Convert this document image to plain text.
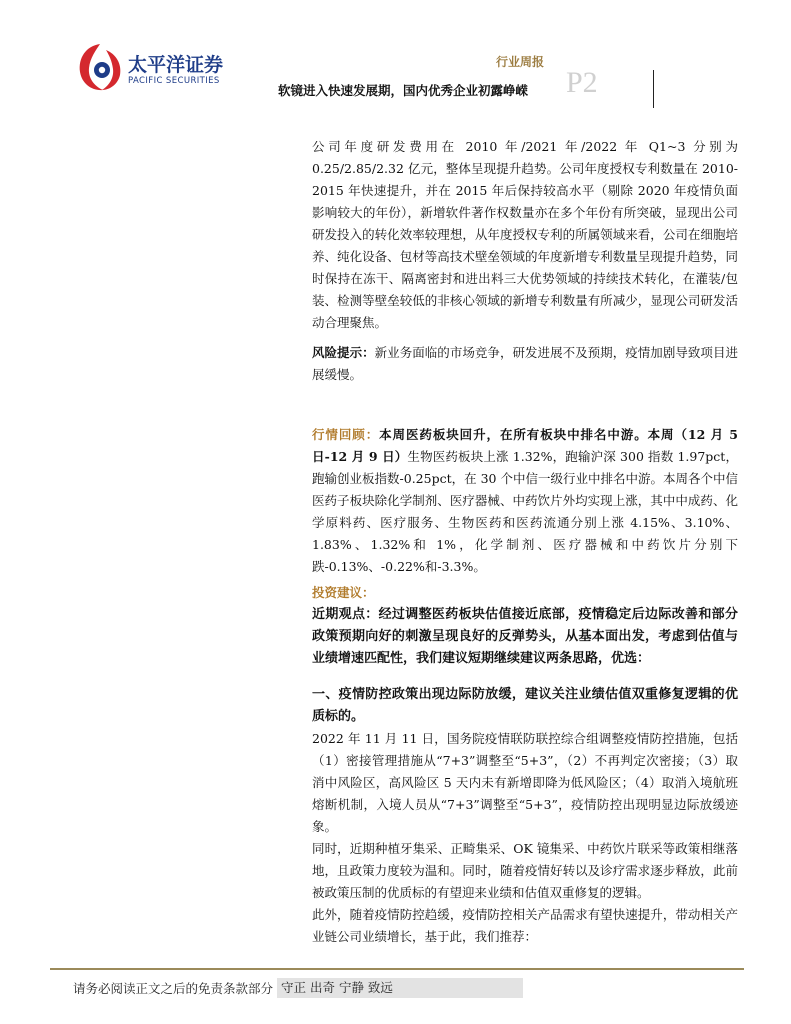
太平洋证券
PACIFIC SECURITIES
行业周报
软镜进入快速发展期，国内优秀企业初露峥嵘 P2

公司年度研发费用在 2010 年/2021 年/2022 年 Q1~3 分别为 0.25/2.85/2.32 亿元，整体呈现提升趋势。公司年度授权专利数量在 2010-2015 年快速提升，并在 2015 年后保持较高水平（剔除 2020 年疫情负面影响较大的年份），新增软件著作权数量亦在多个年份有所突破，显现出公司研发投入的转化效率较理想，从年度授权专利的所属领域来看，公司在细胞培养、纯化设备、包材等高技术壁垒领域的年度新增专利数量呈现提升趋势，同时保持在冻干、隔离密封和进出料三大优势领域的持续技术转化，在灌装/包装、检测等壁垒较低的非核心领域的新增专利数量有所减少，显现公司研发活动合理聚焦。

风险提示：新业务面临的市场竞争，研发进展不及预期，疫情加剧导致项目进展缓慢。

行情回顾：本周医药板块回升，在所有板块中排名中游。本周（12 月 5 日-12 月 9 日）生物医药板块上涨 1.32%，跑输沪深 300 指数 1.97pct，跑输创业板指数-0.25pct，在 30 个中信一级行业中排名中游。本周各个中信医药子板块除化学制剂、医疗器械、中药饮片外均实现上涨，其中中成药、化学原料药、医疗服务、生物医药和医药流通分别上涨 4.15%、3.10%、1.83%、1.32%和 1%，化学制剂、医疗器械和中药饮片分别下跌-0.13%、-0.22%和-3.3%。

投资建议：

近期观点：经过调整医药板块估值接近底部，疫情稳定后边际改善和部分政策预期向好的刺激呈现良好的反弹势头，从基本面出发，考虑到估值与业绩增速匹配性，我们建议短期继续建议两条思路，优选：

一、疫情防控政策出现边际防放缓，建议关注业绩估值双重修复逻辑的优质标的。

2022 年 11 月 11 日，国务院疫情联防联控综合组调整疫情防控措施，包括（1）密接管理措施从“7+3”调整至“5+3”，（2）不再判定次密接；（3）取消中风险区，高风险区 5 天内未有新增即降为低风险区；（4）取消入境航班熔断机制，入境人员从“7+3”调整至“5+3”，疫情防控出现明显边际放缓迹象。

同时，近期种植牙集采、正畸集采、OK 镜集采、中药饮片联采等政策相继落地，且政策力度较为温和。同时，随着疫情好转以及诊疗需求逐步释放，此前被政策压制的优质标的有望迎来业绩和估值双重修复的逻辑。

此外，随着疫情防控趋缓，疫情防控相关产品需求有望快速提升，带动相关产业链公司业绩增长，基于此，我们推荐：

请务必阅读正文之后的免责条款部分 守正 出奇 宁静 致远
